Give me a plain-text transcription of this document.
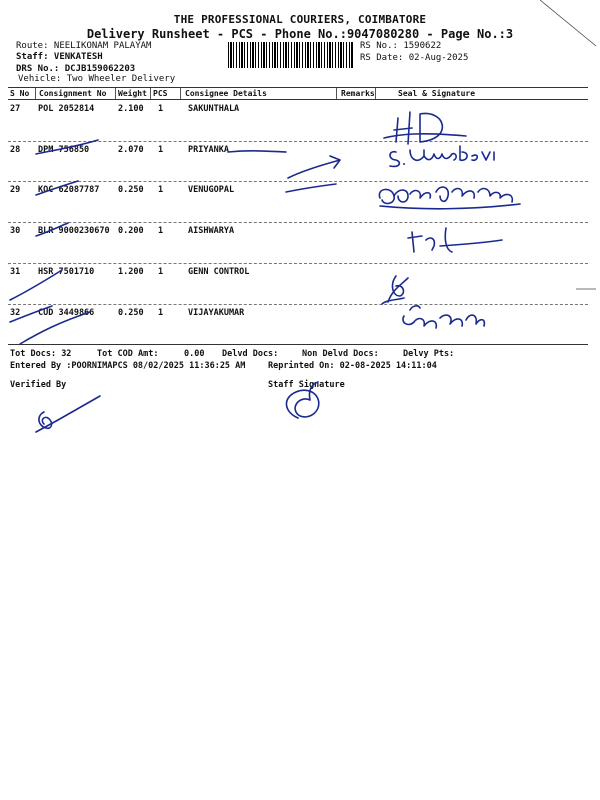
THE PROFESSIONAL COURIERS, COIMBATORE
Delivery Runsheet - PCS - Phone No.:9047080280 - Page No.:3
Route: NEELIKONAM PALAYAM
Staff: VENKATESH
DRS No.: DCJB159062203
Vehicle: Two Wheeler Delivery
RS No.: 1590622
RS Date: 02-Aug-2025
S No Consignment No Weight PCS Consignee Details	Remarks	Seal & Signature
27 POL 2052814	2.100 1	SAKUNTHALA
28 DPM 756850	2.070 1	PRIYANKA
29 KOC 62087787 0.250 1	VENUGOPAL
30 BLR 9000230670 0.200 1	AISHWARYA
31 HSR 7501710	1.200 1	GENN CONTROL
32 CUD 3449866	0.250 1	VIJAYAKUMAR
Tot Docs: 32	Tot COD Amt:	0.00 Delvd Docs:	Non Delvd Docs:	Delvy Pts:
Entered By :POORNIMAPCS 08/02/2025 11:36:25 AM	Reprinted On: 02-08-2025 14:11:04
Verified By	Staff Signature
